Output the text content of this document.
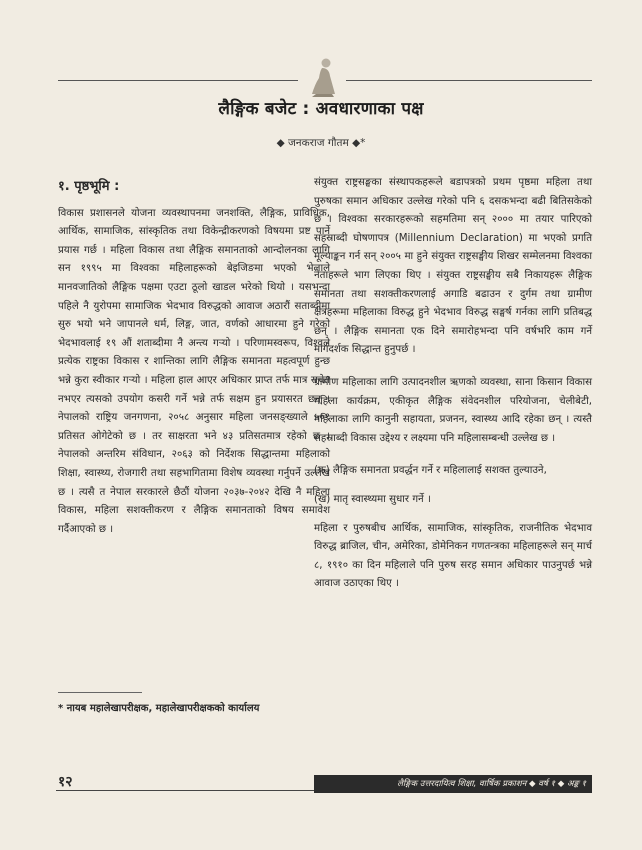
लैङ्गिक बजेट : अवधारणाका पक्ष
◆ जनकराज गौतम ◆*
१. पृष्ठभूमि :

विकास प्रशासनले योजना व्यवस्थापनमा जनशक्ति, लैङ्गिक, प्राविधिक, आर्थिक, सामाजिक, सांस्कृतिक तथा विकेन्द्रीकरणको विषयमा प्रष्ट पार्ने प्रयास गर्छ । महिला विकास तथा लैङ्गिक समानताको आन्दोलनका लागि सन १९९५ मा विश्वका महिलाहरूको बेइजिङमा भएको भेलाले मानवजातिको लैङ्गिक पक्षमा एउटा ठूलो खाडल भरेको थियो । यसभन्दा पहिले नै युरोपमा सामाजिक भेदभाव विरुद्धको आवाज अठारौं सताब्दीमा सुरु भयो भने जापानले धर्म, लिङ्ग, जात, वर्णको आधारमा हुने गरेको भेदभावलाई १९ औं शताब्दीमा नै अन्त्य गऱ्यो । परिणामस्वरूप, विश्वले प्रत्येक राष्ट्रका विकास र शान्तिका लागि लैङ्गिक समानता महत्वपूर्ण हुन्छ भन्ने कुरा स्वीकार गऱ्यो । महिला हाल आएर अधिकार प्राप्त तर्फ मात्र सचेत नभएर त्यसको उपयोग कसरी गर्ने भन्ने तर्फ सक्षम हुन प्रयासरत छन् । नेपालको राष्ट्रिय जनगणना, २०५८ अनुसार महिला जनसङ्ख्याले ५०१ प्रतिसत ओगेटेको छ । तर साक्षरता भने ४३ प्रतिसतमात्र रहेको छ । नेपालको अन्तरिम संविधान, २०६३ को निर्देशक सिद्धान्तमा महिलाको शिक्षा, स्वास्थ्य, रोजगारी तथा सहभागितामा विशेष व्यवस्था गर्नुपर्ने उल्लेख छ । त्यसै त नेपाल सरकारले छैठौं योजना २०३७-२०४२ देखि नै महिला विकास, महिला सशक्तीकरण र लैङ्गिक समानताको विषय समावेश गर्दैआएको छ ।

* नायब महालेखापरीक्षक, महालेखापरीक्षकको कार्यालय

संयुक्त राष्ट्रसङ्घका संस्थापकहरूले बडापत्रको प्रथम पृष्ठमा महिला तथा पुरुषका समान अधिकार उल्लेख गरेको पनि ६ दसकभन्दा बढी बितिसकेको छ । विश्वका सरकारहरूको सहमतिमा सन् २००० मा तयार पारिएको सहस्राब्दी घोषणापत्र (Millennium Declaration) मा भएको प्रगति मूल्याङ्कन गर्न सन् २००५ मा हुने संयुक्त राष्ट्रसङ्घीय शिखर सम्मेलनमा विश्वका नेताहरूले भाग लिएका थिए । संयुक्त राष्ट्रसङ्घीय सबै निकायहरू लैङ्गिक समानता तथा सशक्तीकरणलाई अगाडि बढाउन र दुर्गम तथा ग्रामीण क्षेत्रहरूमा महिलाका विरुद्ध हुने भेदभाव विरुद्ध सङ्घर्ष गर्नका लागि प्रतिबद्ध छन् । लैङ्गिक समानता एक दिने समारोहभन्दा पनि वर्षभरि काम गर्ने मार्गदर्शक सिद्धान्त हुनुपर्छ ।

ग्रामीण महिलाका लागि उत्पादनशील ऋणको व्यवस्था, साना किसान विकास महिला कार्यक्रम, एकीकृत लैङ्गिक संवेदनशील परियोजना, चेलीबेटी, महिलाका लागि कानुनी सहायता, प्रजनन, स्वास्थ्य आदि रहेका छन् । त्यस्तै सहस्राब्दी विकास उद्देश्य र लक्ष्यमा पनि महिलासम्बन्धी उल्लेख छ ।

(क) लैङ्गिक समानता प्रवर्द्धन गर्ने र महिलालाई सशक्त तुल्याउने,

(ख) मातृ स्वास्थ्यमा सुधार गर्ने ।

महिला र पुरुषबीच आर्थिक, सामाजिक, सांस्कृतिक, राजनीतिक भेदभाव विरुद्ध ब्राजिल, चीन, अमेरिका, डोमेनिकन गणतन्त्रका महिलाहरूले सन् मार्च ८, १९१० का दिन महिलाले पनि पुरुष सरह समान अधिकार पाउनुपर्छ भन्ने आवाज उठाएका थिए ।

१२	लैङ्गिक उत्तरदायित्व शिक्षा, वार्षिक प्रकाशन ◆ वर्ष १ ◆ अङ्क १
